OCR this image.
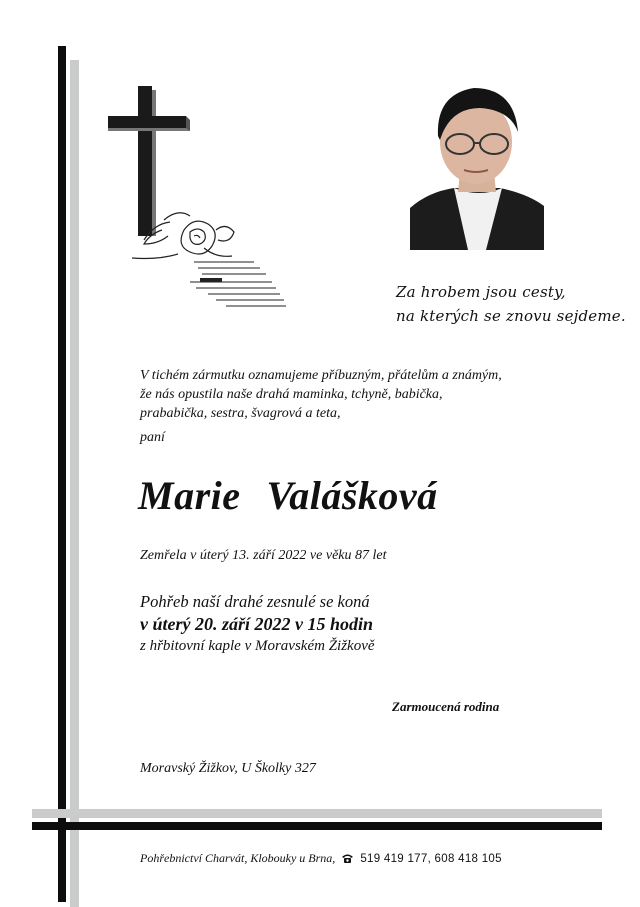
Za hrobem jsou cesty,
na kterých se znovu sejdeme.
V tichém zármutku oznamujeme příbuzným, přátelům a známým,
že nás opustila naše drahá maminka, tchyně, babička,
prababička, sestra, švagrová a teta,
paní
Marie Valášková
Zemřela v úterý 13. září 2022 ve věku 87 let
Pohřeb naší drahé zesnulé se koná
v úterý 20. září 2022 v 15 hodin
z hřbitovní kaple v Moravském Žižkově
Zarmoucená rodina
Moravský Žižkov, U Školky 327
Pohřebnictví Charvát, Klobouky u Brna, 519 419 177, 608 418 105
